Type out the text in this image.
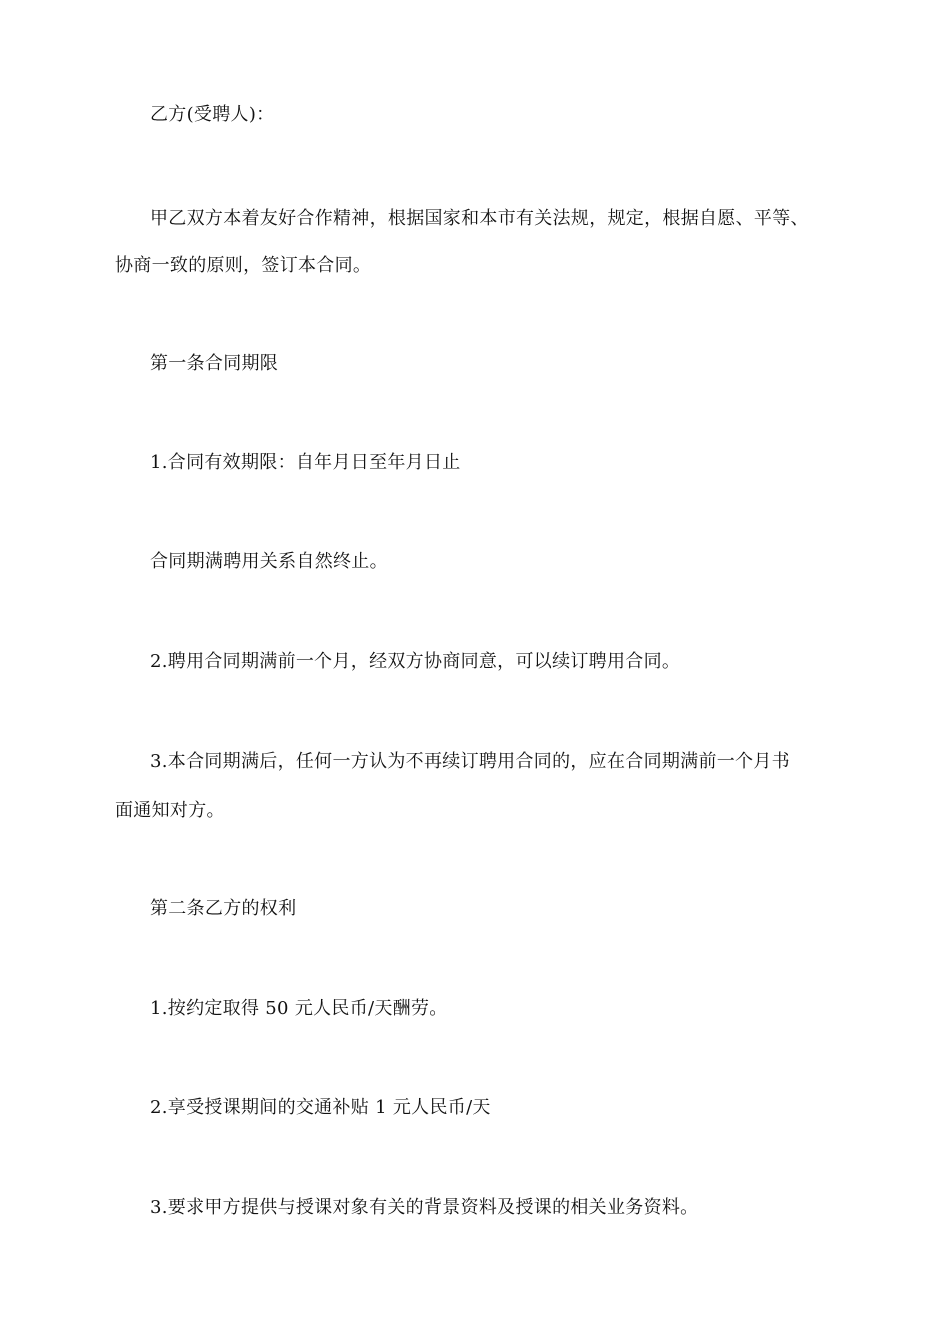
乙方(受聘人)：
甲乙双方本着友好合作精神，根据国家和本市有关法规，规定，根据自愿、平等、
协商一致的原则，签订本合同。
第一条合同期限
1.合同有效期限：自年月日至年月日止
合同期满聘用关系自然终止。
2.聘用合同期满前一个月，经双方协商同意，可以续订聘用合同。
3.本合同期满后，任何一方认为不再续订聘用合同的，应在合同期满前一个月书
面通知对方。
第二条乙方的权利
1.按约定取得 50 元人民币/天酬劳。
2.享受授课期间的交通补贴 1 元人民币/天
3.要求甲方提供与授课对象有关的背景资料及授课的相关业务资料。
